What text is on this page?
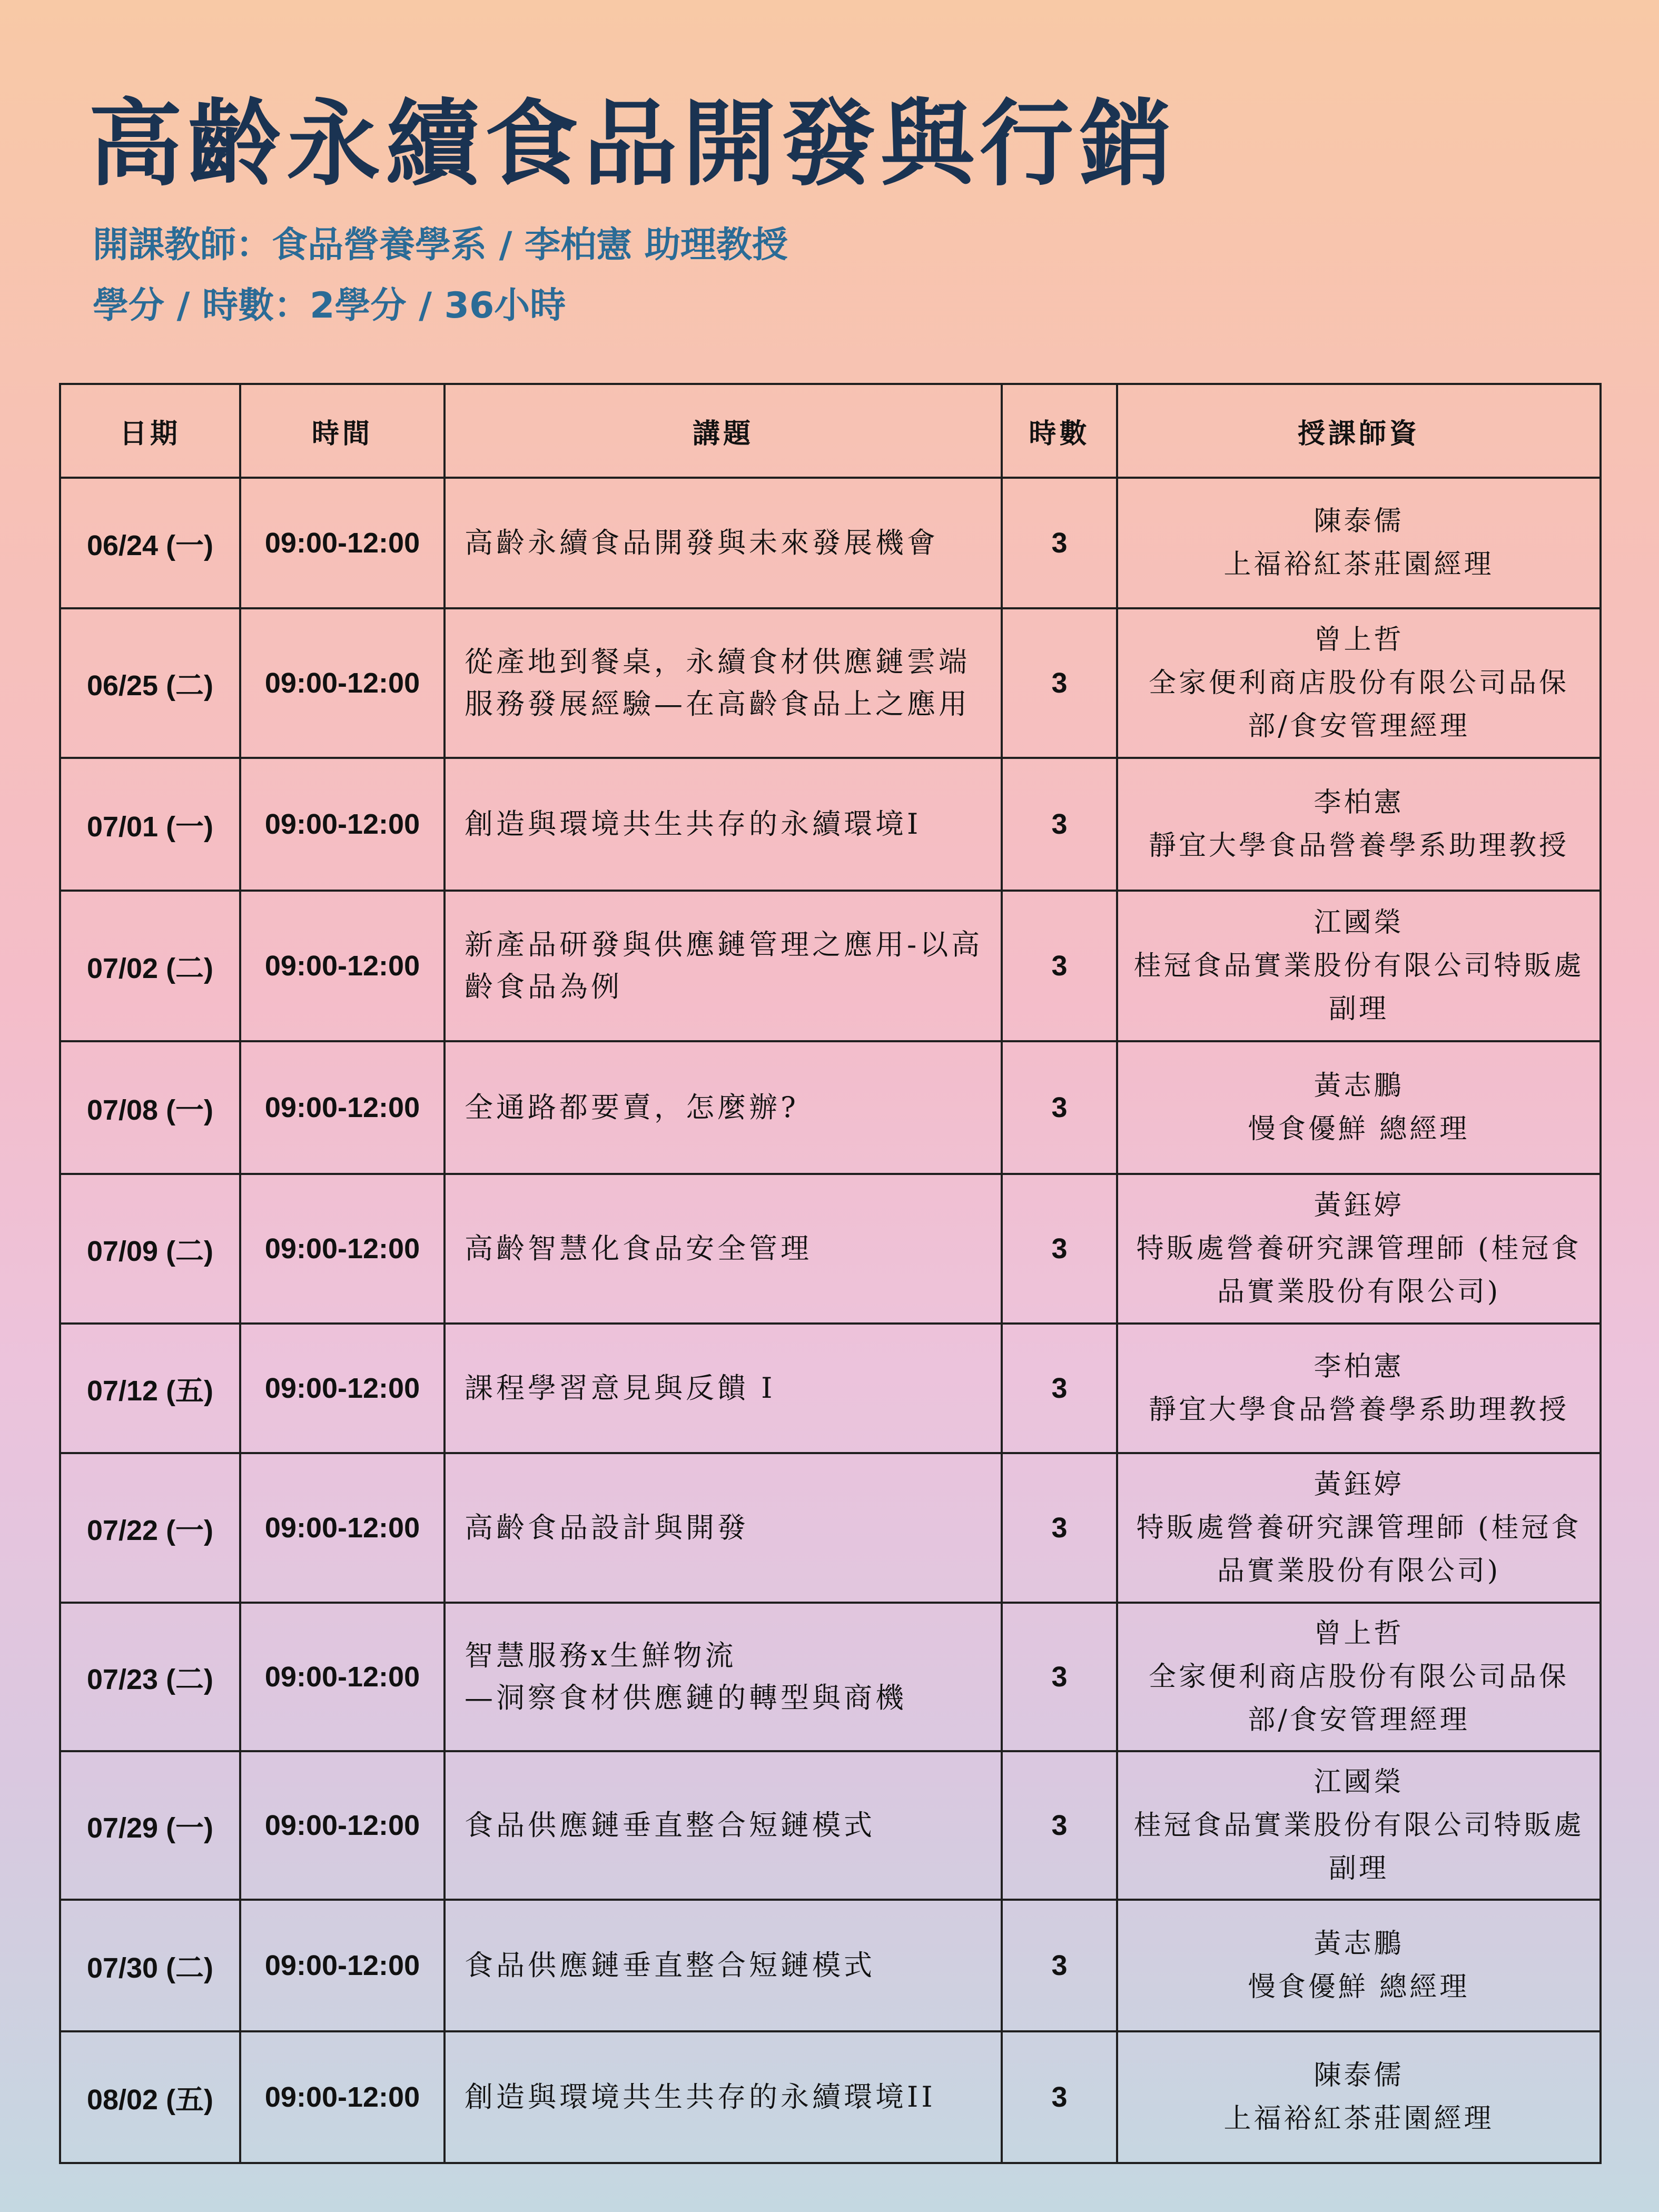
高齡永續食品開發與行銷
開課教師：食品營養學系 / 李柏憲 助理教授
學分 / 時數：2學分 / 36小時
日期	時間	講題	時數	授課師資
06/24 (一)	09:00-12:00	高齡永續食品開發與未來發展機會	3	陳泰儒
上福裕紅茶莊園經理

06/25 (二)	09:00-12:00	從產地到餐桌，永續食材供應鏈雲端服務發展經驗—在高齡食品上之應用	3	曾上哲
全家便利商店股份有限公司品保部/食安管理經理

07/01 (一)	09:00-12:00	創造與環境共生共存的永續環境I	3	李柏憲
靜宜大學食品營養學系助理教授

07/02 (二)	09:00-12:00	新產品研發與供應鏈管理之應用-以高齡食品為例	3	江國榮
桂冠食品實業股份有限公司特販處副理

07/08 (一)	09:00-12:00	全通路都要賣，怎麼辦?	3	黃志鵬
慢食優鮮 總經理

07/09 (二)	09:00-12:00	高齡智慧化食品安全管理	3	黃鈺婷
特販處營養研究課管理師 (桂冠食品實業股份有限公司)

07/12 (五)	09:00-12:00	課程學習意見與反饋 I	3	李柏憲
靜宜大學食品營養學系助理教授

07/22 (一)	09:00-12:00	高齡食品設計與開發	3	黃鈺婷
特販處營養研究課管理師 (桂冠食品實業股份有限公司)

07/23 (二)	09:00-12:00	智慧服務x生鮮物流
—洞察食材供應鏈的轉型與商機	3	曾上哲
全家便利商店股份有限公司品保部/食安管理經理

07/29 (一)	09:00-12:00	食品供應鏈垂直整合短鏈模式	3	江國榮
桂冠食品實業股份有限公司特販處副理

07/30 (二)	09:00-12:00	食品供應鏈垂直整合短鏈模式	3	黃志鵬
慢食優鮮 總經理

08/02 (五)	09:00-12:00	創造與環境共生共存的永續環境II	3	陳泰儒
上福裕紅茶莊園經理
